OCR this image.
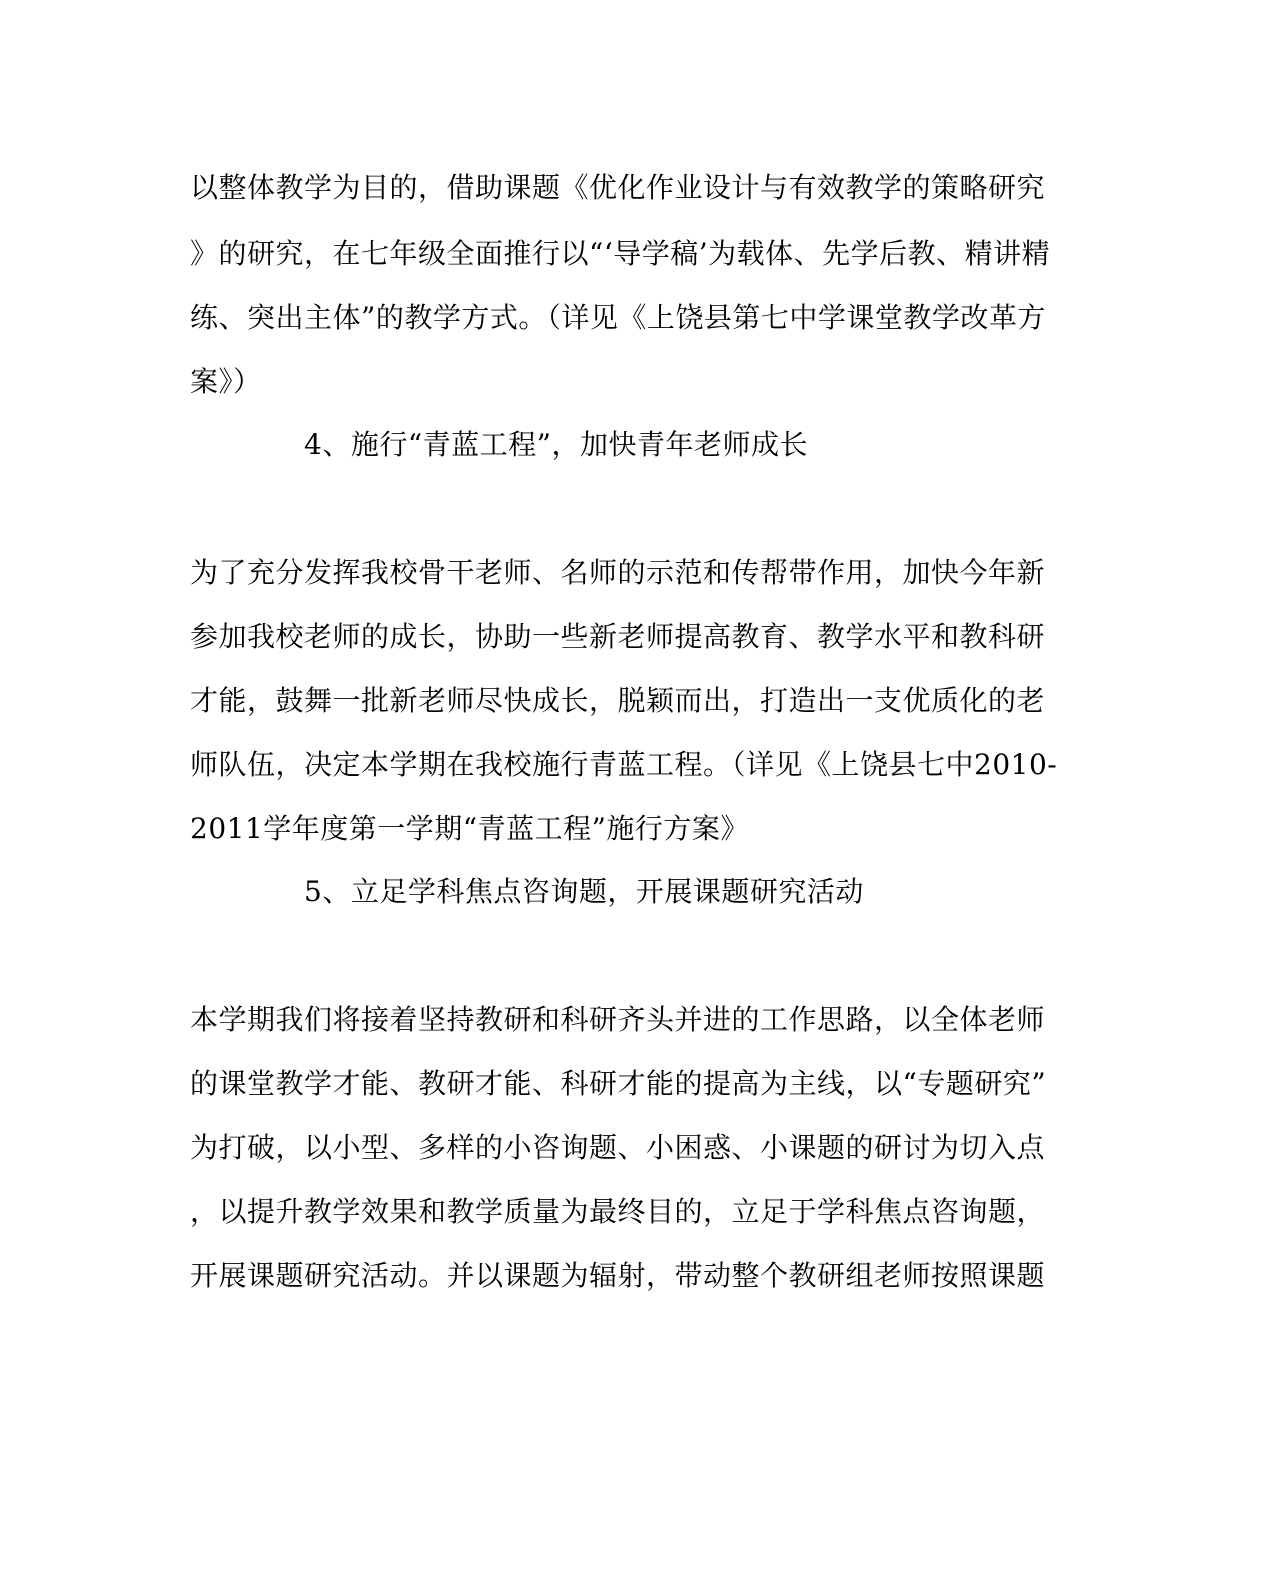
以整体教学为目的，借助课题《优化作业设计与有效教学的策略研究
》的研究，在七年级全面推行以“‘导学稿’为载体、先学后教、精讲精
练、突出主体”的教学方式。（详见《上饶县第七中学课堂教学改革方
案》）
4、施行“青蓝工程”，加快青年老师成长
为了充分发挥我校骨干老师、名师的示范和传帮带作用，加快今年新
参加我校老师的成长，协助一些新老师提高教育、教学水平和教科研
才能，鼓舞一批新老师尽快成长，脱颖而出，打造出一支优质化的老
师队伍，决定本学期在我校施行青蓝工程。（详见《上饶县七中2010-
2011学年度第一学期“青蓝工程”施行方案》
5、立足学科焦点咨询题，开展课题研究活动
本学期我们将接着坚持教研和科研齐头并进的工作思路，以全体老师
的课堂教学才能、教研才能、科研才能的提高为主线，以“专题研究”
为打破，以小型、多样的小咨询题、小困惑、小课题的研讨为切入点
，以提升教学效果和教学质量为最终目的，立足于学科焦点咨询题，
开展课题研究活动。并以课题为辐射，带动整个教研组老师按照课题
